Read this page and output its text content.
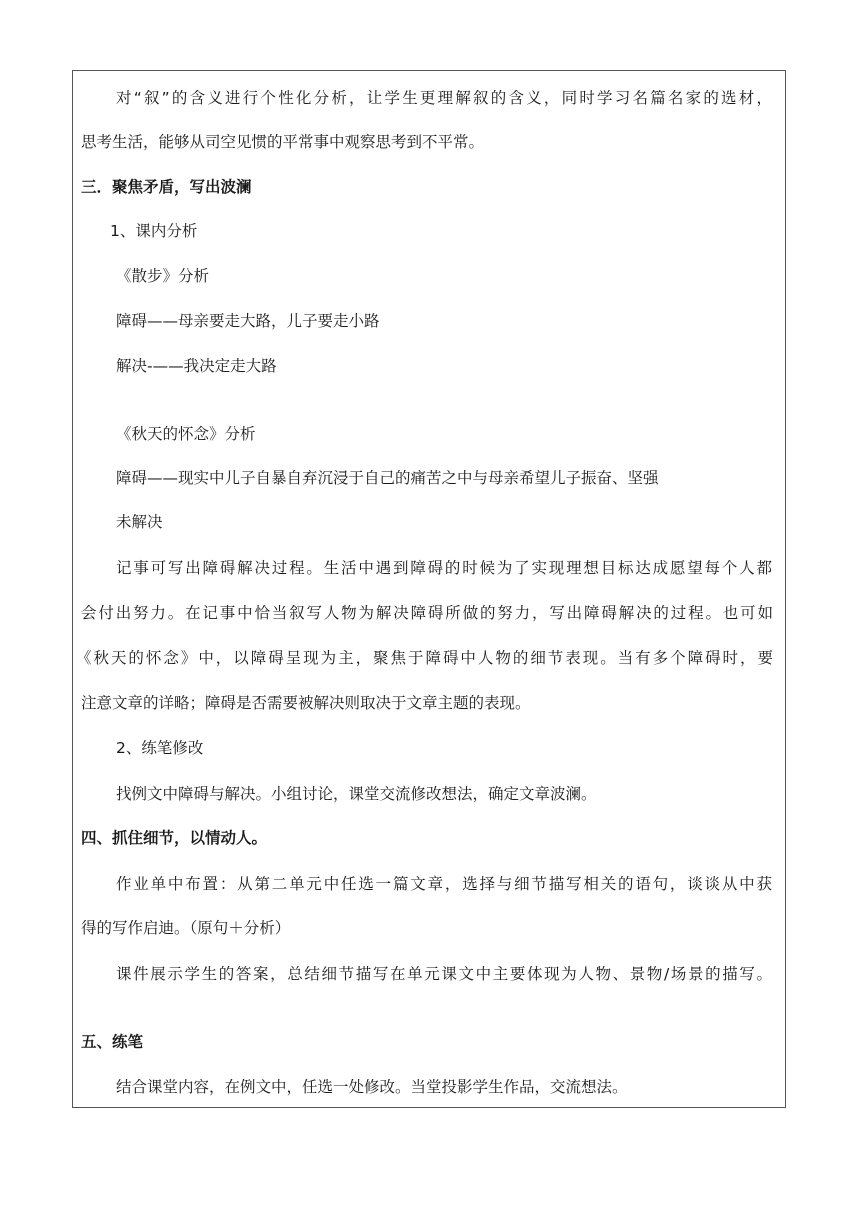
对“叙”的含义进行个性化分析，让学生更理解叙的含义，同时学习名篇名家的选材，
思考生活，能够从司空见惯的平常事中观察思考到不平常。
三．聚焦矛盾，写出波澜
1、课内分析
《散步》分析
障碍——母亲要走大路，儿子要走小路
解决-——我决定走大路
《秋天的怀念》分析
障碍——现实中儿子自暴自弃沉浸于自己的痛苦之中与母亲希望儿子振奋、坚强
未解决
记事可写出障碍解决过程。生活中遇到障碍的时候为了实现理想目标达成愿望每个人都
会付出努力。在记事中恰当叙写人物为解决障碍所做的努力，写出障碍解决的过程。也可如
《秋天的怀念》中，以障碍呈现为主，聚焦于障碍中人物的细节表现。当有多个障碍时，要
注意文章的详略；障碍是否需要被解决则取决于文章主题的表现。
2、练笔修改
找例文中障碍与解决。小组讨论，课堂交流修改想法，确定文章波澜。
四、抓住细节，以情动人。
作业单中布置：从第二单元中任选一篇文章，选择与细节描写相关的语句，谈谈从中获
得的写作启迪。（原句＋分析）
课件展示学生的答案，总结细节描写在单元课文中主要体现为人物、景物/场景的描写。
五、练笔
结合课堂内容，在例文中，任选一处修改。当堂投影学生作品，交流想法。
